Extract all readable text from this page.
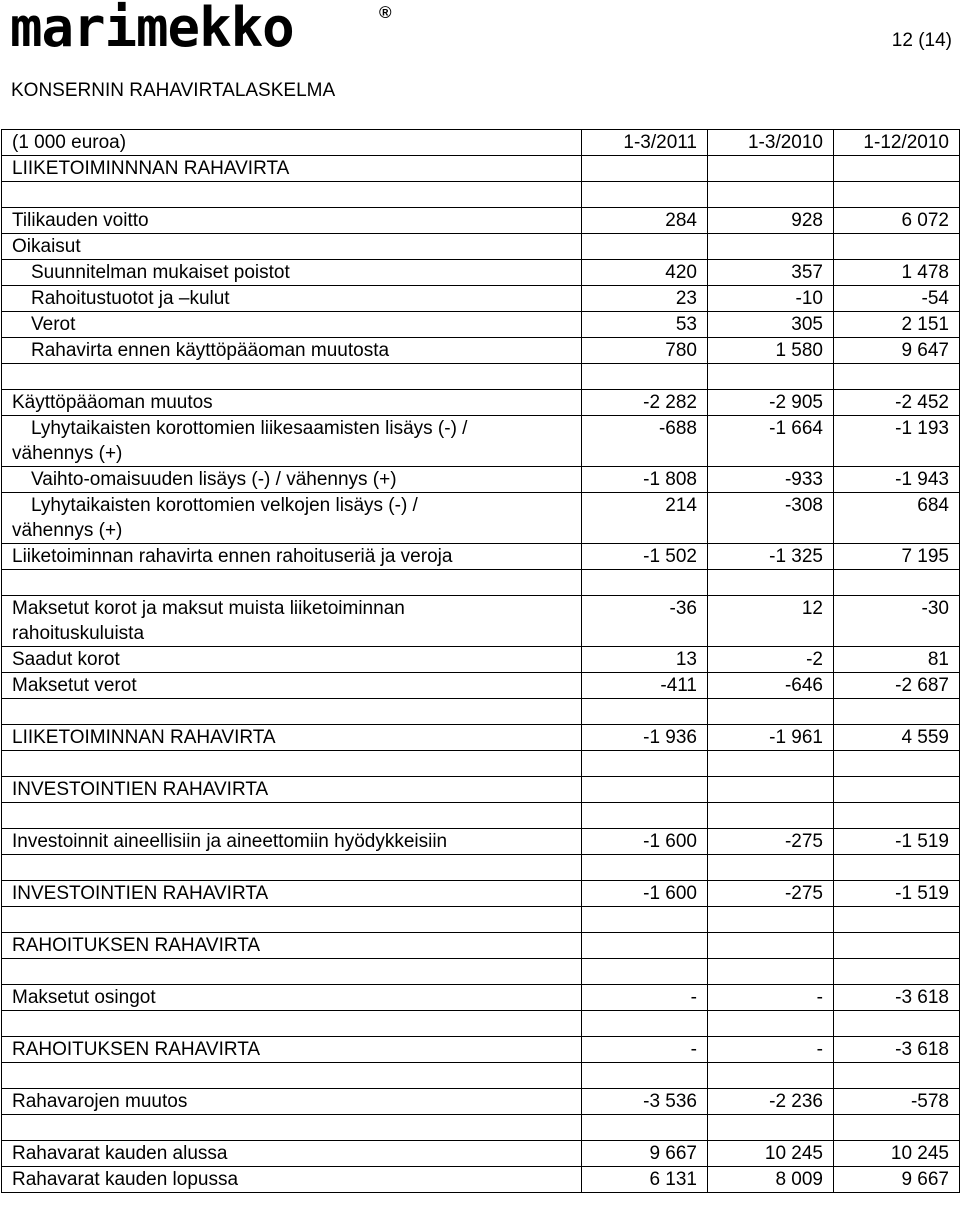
marimekko	®
12 (14)
KONSERNIN RAHAVIRTALASKELMA
(1 000 euroa)	1-3/2011	1-3/2010	1-12/2010
LIIKETOIMINNNAN RAHAVIRTA			

Tilikauden voitto	284	928	6 072
Oikaisut			
Suunnitelman mukaiset poistot	420	357	1 478
Rahoitustuotot ja –kulut	23	-10	-54
Verot	53	305	2 151
Rahavirta ennen käyttöpääoman muutosta	780	1 580	9 647

Käyttöpääoman muutos	-2 282	-2 905	-2 452

Lyhytaikaisten korottomien liikesaamisten lisäys (-) /
vähennys (+)	-688	-1 664	-1 193
Vaihto-omaisuuden lisäys (-) / vähennys (+)	-1 808	-933	-1 943

Lyhytaikaisten korottomien velkojen lisäys (-) /
vähennys (+)	214	-308	684
Liiketoiminnan rahavirta ennen rahoituseriä ja veroja	-1 502	-1 325	7 195

Maksetut korot ja maksut muista liiketoiminnan
rahoituskuluista	-36	12	-30
Saadut korot	13	-2	81
Maksetut verot	-411	-646	-2 687

LIIKETOIMINNAN RAHAVIRTA	-1 936	-1 961	4 559

INVESTOINTIEN RAHAVIRTA			

Investoinnit aineellisiin ja aineettomiin hyödykkeisiin	-1 600	-275	-1 519

INVESTOINTIEN RAHAVIRTA	-1 600	-275	-1 519

RAHOITUKSEN RAHAVIRTA			

Maksetut osingot	-	-	-3 618

RAHOITUKSEN RAHAVIRTA	-	-	-3 618

Rahavarojen muutos	-3 536	-2 236	-578

Rahavarat kauden alussa	9 667	10 245	10 245
Rahavarat kauden lopussa	6 131	8 009	9 667
